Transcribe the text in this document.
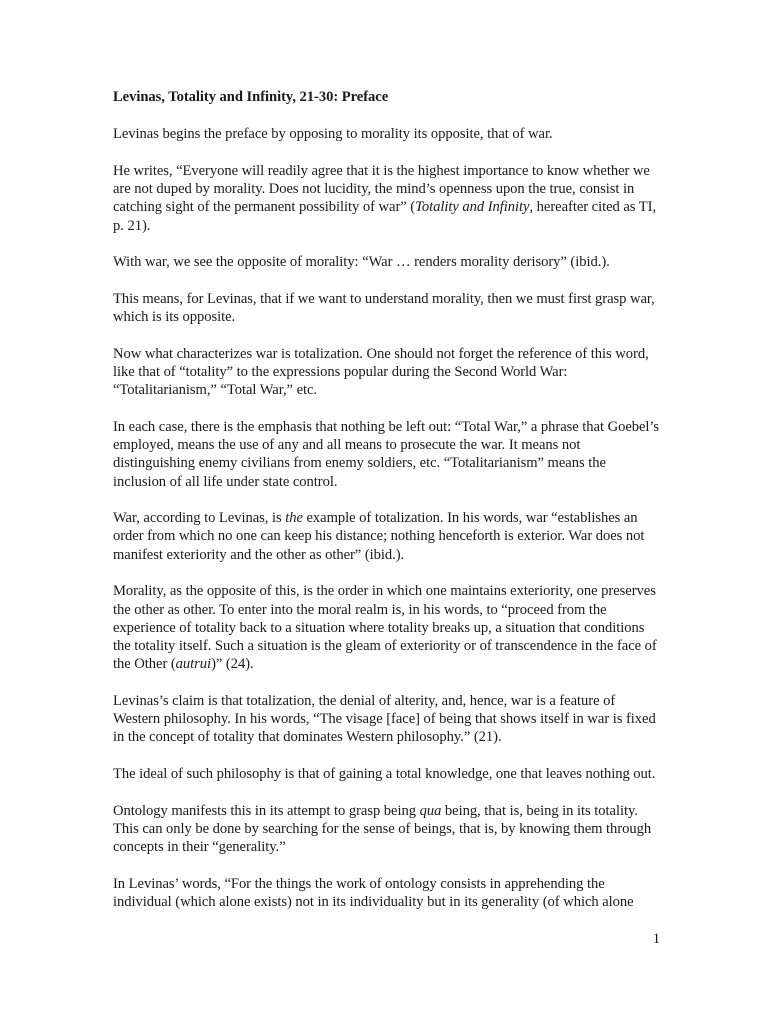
Levinas, Totality and Infinity, 21-30: Preface

Levinas begins the preface by opposing to morality its opposite, that of war.

He writes, “Everyone will readily agree that it is the highest importance to know whether we are not duped by morality. Does not lucidity, the mind’s openness upon the true, consist in catching sight of the permanent possibility of war” (Totality and Infinity, hereafter cited as TI, p. 21).

With war, we see the opposite of morality: “War … renders morality derisory” (ibid.).

This means, for Levinas, that if we want to understand morality, then we must first grasp war, which is its opposite.

Now what characterizes war is totalization. One should not forget the reference of this word, like that of “totality” to the expressions popular during the Second World War: “Totalitarianism,” “Total War,” etc.

In each case, there is the emphasis that nothing be left out: “Total War,” a phrase that Goebel’s employed, means the use of any and all means to prosecute the war. It means not distinguishing enemy civilians from enemy soldiers, etc. “Totalitarianism” means the inclusion of all life under state control.

War, according to Levinas, is the example of totalization. In his words, war “establishes an order from which no one can keep his distance; nothing henceforth is exterior. War does not manifest exteriority and the other as other” (ibid.).

Morality, as the opposite of this, is the order in which one maintains exteriority, one preserves the other as other. To enter into the moral realm is, in his words, to “proceed from the experience of totality back to a situation where totality breaks up, a situation that conditions the totality itself. Such a situation is the gleam of exteriority or of transcendence in the face of the Other (autrui)” (24).

Levinas’s claim is that totalization, the denial of alterity, and, hence, war is a feature of Western philosophy. In his words, “The visage [face] of being that shows itself in war is fixed in the concept of totality that dominates Western philosophy.” (21).

The ideal of such philosophy is that of gaining a total knowledge, one that leaves nothing out.

Ontology manifests this in its attempt to grasp being qua being, that is, being in its totality. This can only be done by searching for the sense of beings, that is, by knowing them through concepts in their “generality.”

In Levinas’ words, “For the things the work of ontology consists in apprehending the individual (which alone exists) not in its individuality but in its generality (of which alone

1
